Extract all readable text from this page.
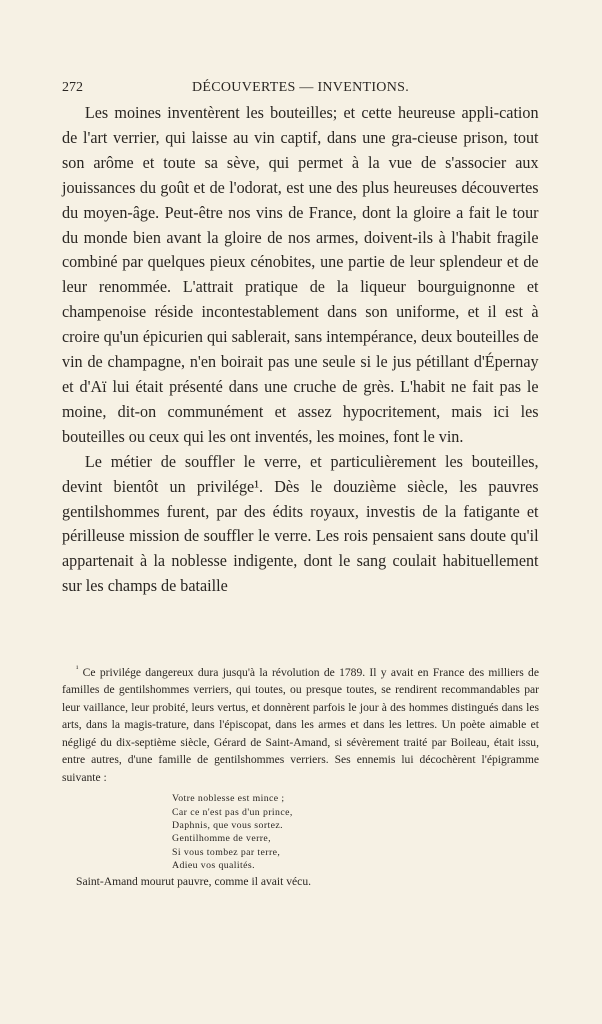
272	DÉCOUVERTES — INVENTIONS.

Les moines inventèrent les bouteilles; et cette heureuse appli-cation de l'art verrier, qui laisse au vin captif, dans une gra-cieuse prison, tout son arôme et toute sa sève, qui permet à la vue de s'associer aux jouissances du goût et de l'odorat, est une des plus heureuses découvertes du moyen-âge. Peut-être nos vins de France, dont la gloire a fait le tour du monde bien avant la gloire de nos armes, doivent-ils à l'habit fragile combiné par quelques pieux cénobites, une partie de leur splendeur et de leur renommée. L'attrait pratique de la liqueur bourguignonne et champenoise réside incontestablement dans son uniforme, et il est à croire qu'un épicurien qui sablerait, sans intempérance, deux bouteilles de vin de champagne, n'en boirait pas une seule si le jus pétillant d'Épernay et d'Aï lui était présenté dans une cruche de grès. L'habit ne fait pas le moine, dit-on communément et assez hypocritement, mais ici les bouteilles ou ceux qui les ont inventés, les moines, font le vin.

Le métier de souffler le verre, et particulièrement les bouteilles, devint bientôt un privilége¹. Dès le douzième siècle, les pauvres gentilshommes furent, par des édits royaux, investis de la fatigante et périlleuse mission de souffler le verre. Les rois pensaient sans doute qu'il appartenait à la noblesse indigente, dont le sang coulait habituellement sur les champs de bataille

$^{^1}$ Ce privilége dangereux dura jusqu'à la révolution de 1789. Il y avait en France des milliers de familles de gentilshommes verriers, qui toutes, ou presque toutes, se rendirent recommandables par leur vaillance, leur probité, leurs vertus, et donnèrent parfois le jour à des hommes distingués dans les arts, dans la magis-trature, dans l'épiscopat, dans les armes et dans les lettres. Un poète aimable et négligé du dix-septième siècle, Gérard de Saint-Amand, si sévèrement traité par Boileau, était issu, entre autres, d'une famille de gentilshommes verriers. Ses ennemis lui décochèrent l'épigramme suivante :

Votre noblesse est mince ;
Car ce n'est pas d'un prince,
Daphnis, que vous sortez.
Gentilhomme de verre,
Si vous tombez par terre,
Adieu vos qualités.

Saint-Amand mourut pauvre, comme il avait vécu.
